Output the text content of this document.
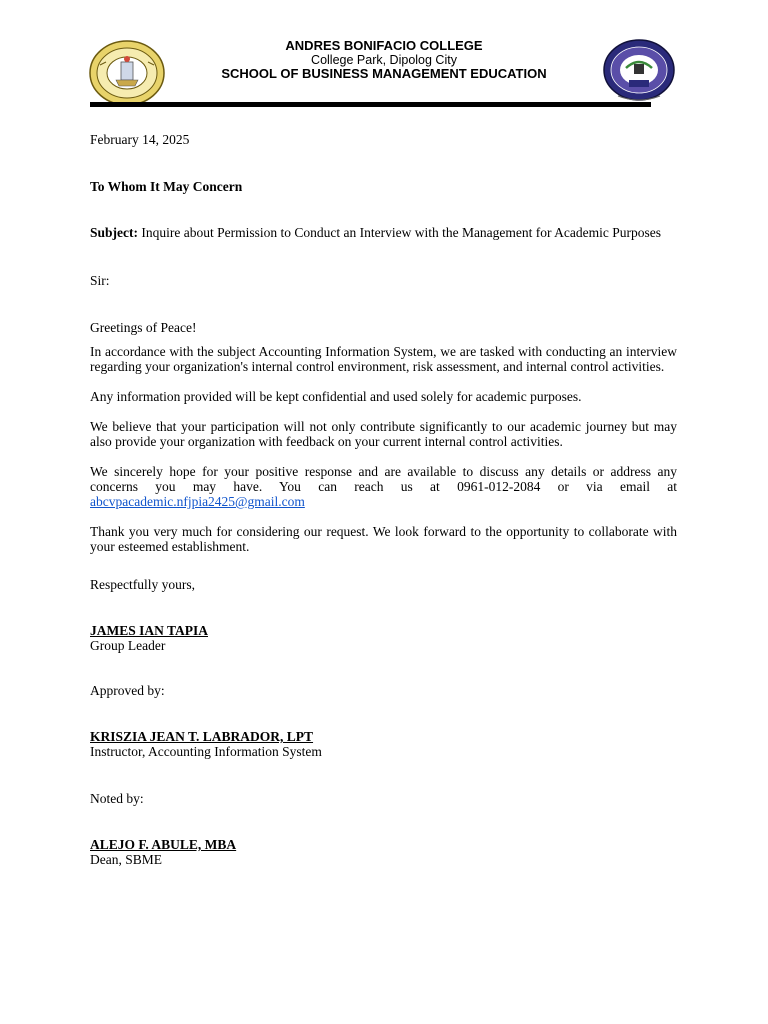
ANDRES BONIFACIO COLLEGE
College Park, Dipolog City
SCHOOL OF BUSINESS MANAGEMENT EDUCATION

February 14, 2025

To Whom It May Concern

Subject: Inquire about Permission to Conduct an Interview with the Management for Academic Purposes

Sir:

Greetings of Peace!

In accordance with the subject Accounting Information System, we are tasked with conducting an interview regarding your organization's internal control environment, risk assessment, and internal control activities.

Any information provided will be kept confidential and used solely for academic purposes.

We believe that your participation will not only contribute significantly to our academic journey but may also provide your organization with feedback on your current internal control activities.

We sincerely hope for your positive response and are available to discuss any details or address any concerns you may have. You can reach us at 0961-012-2084 or via email at abcvpacademic.nfjpia2425@gmail.com

Thank you very much for considering our request. We look forward to the opportunity to collaborate with your esteemed establishment.

Respectfully yours,

JAMES IAN TAPIA

Group Leader

Approved by:

KRISZIA JEAN T. LABRADOR, LPT

Instructor, Accounting Information System

Noted by:

ALEJO F. ABULE, MBA

Dean, SBME
